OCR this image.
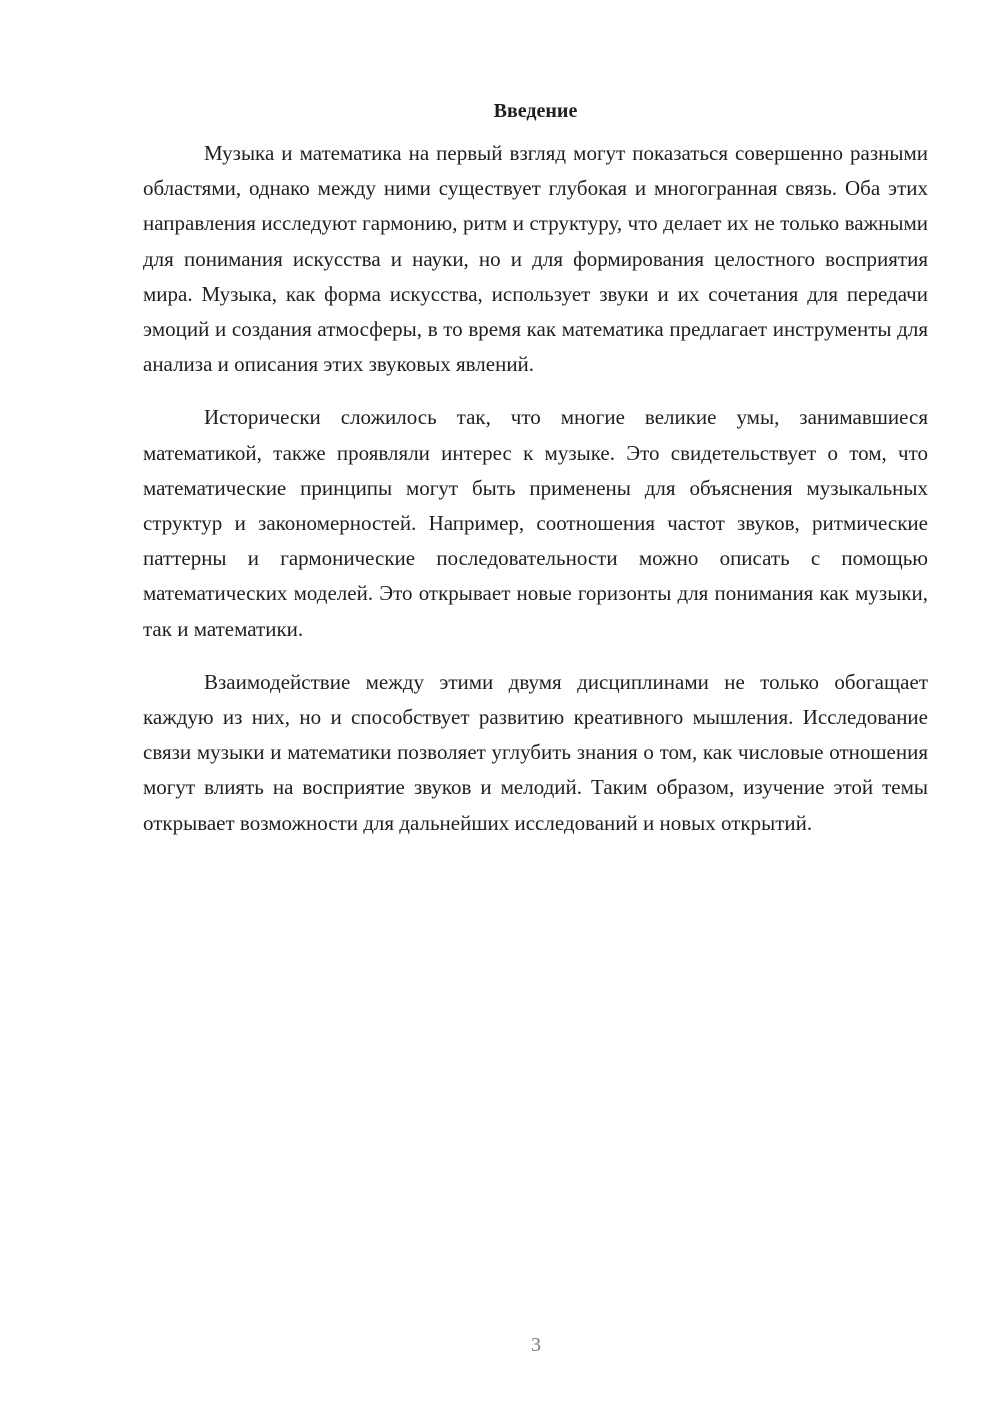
Введение

Музыка и математика на первый взгляд могут показаться совершенно разными областями, однако между ними существует глубокая и многогранная связь. Оба этих направления исследуют гармонию, ритм и структуру, что делает их не только важными для понимания искусства и науки, но и для формирования целостного восприятия мира. Музыка, как форма искусства, использует звуки и их сочетания для передачи эмоций и создания атмосферы, в то время как математика предлагает инструменты для анализа и описания этих звуковых явлений.

Исторически сложилось так, что многие великие умы, занимавшиеся математикой, также проявляли интерес к музыке. Это свидетельствует о том, что математические принципы могут быть применены для объяснения музыкальных структур и закономерностей. Например, соотношения частот звуков, ритмические паттерны и гармонические последовательности можно описать с помощью математических моделей. Это открывает новые горизонты для понимания как музыки, так и математики.

Взаимодействие между этими двумя дисциплинами не только обогащает каждую из них, но и способствует развитию креативного мышления. Исследование связи музыки и математики позволяет углубить знания о том, как числовые отношения могут влиять на восприятие звуков и мелодий. Таким образом, изучение этой темы открывает возможности для дальнейших исследований и новых открытий.

3
